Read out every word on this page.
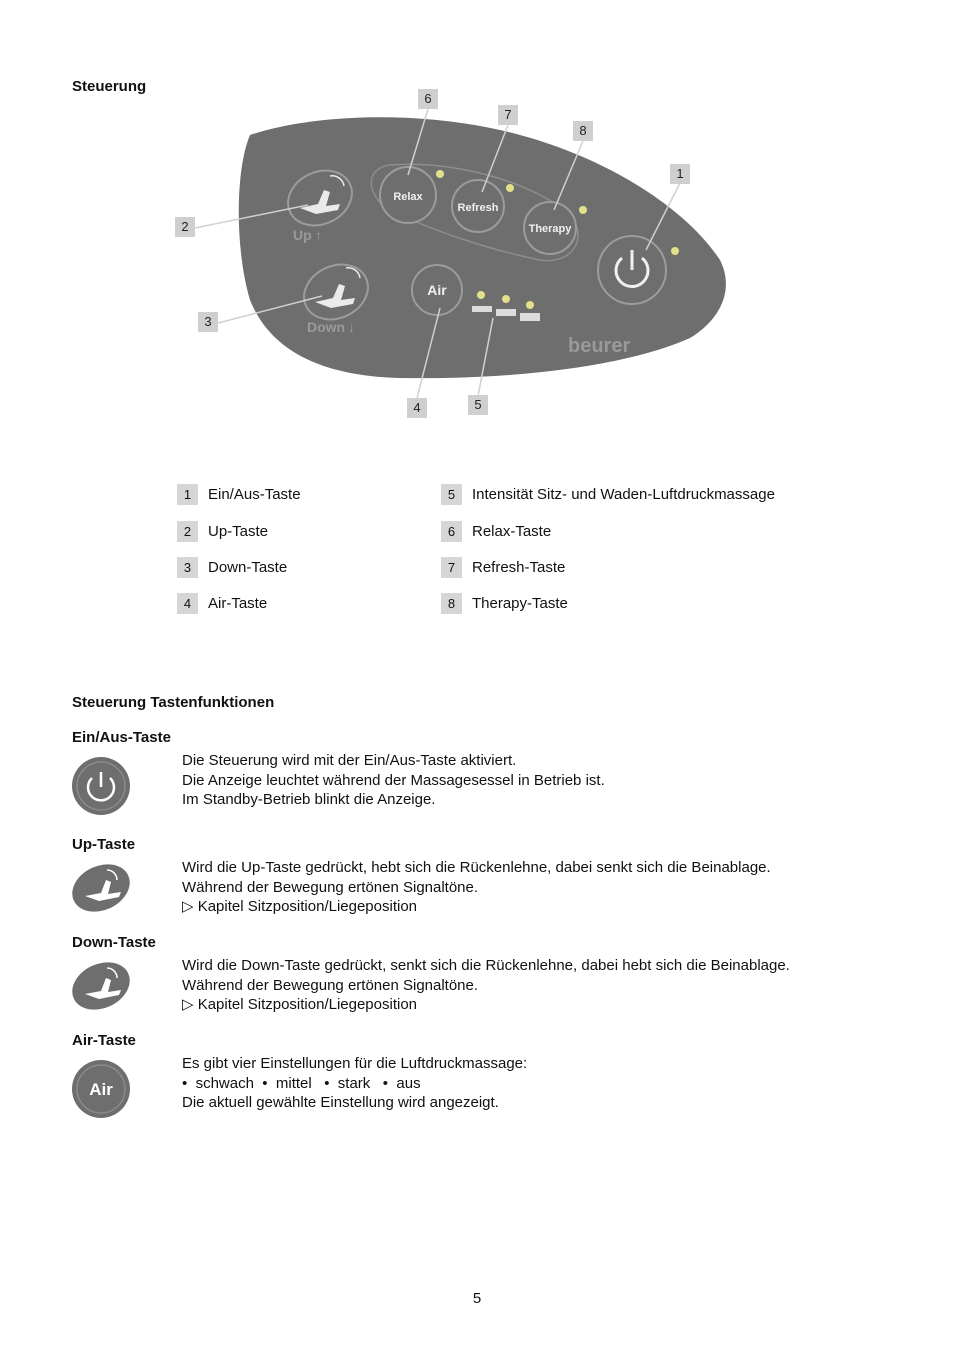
Steuerung
Up ↑
Down ↓
Relax
Refresh
Therapy
Air
beurer
6
7
8
1
2
3
4	5
1	Ein/Aus-Taste
2	Up-Taste
3	Down-Taste
4	Air-Taste
5	Intensität Sitz- und Waden-Luftdruckmassage
6	Relax-Taste
7	Refresh-Taste
8	Therapy-Taste
Steuerung Tastenfunktionen
Ein/Aus-Taste
Die Steuerung wird mit der Ein/Aus-Taste aktiviert.
Die Anzeige leuchtet während der Massagesessel in Betrieb ist.
Im Standby-Betrieb blinkt die Anzeige.
Up-Taste
Wird die Up-Taste gedrückt, hebt sich die Rückenlehne, dabei senkt sich die Beinablage.
Während der Bewegung ertönen Signaltöne.
▷ Kapitel Sitzposition/Liegeposition
Down-Taste
Wird die Down-Taste gedrückt, senkt sich die Rückenlehne, dabei hebt sich die Beinablage.
Während der Bewegung ertönen Signaltöne.
▷ Kapitel Sitzposition/Liegeposition
Air-Taste
Air
Es gibt vier Einstellungen für die Luftdruckmassage:
•  schwach  •  mittel   •  stark   •  aus
Die aktuell gewählte Einstellung wird angezeigt.
5
